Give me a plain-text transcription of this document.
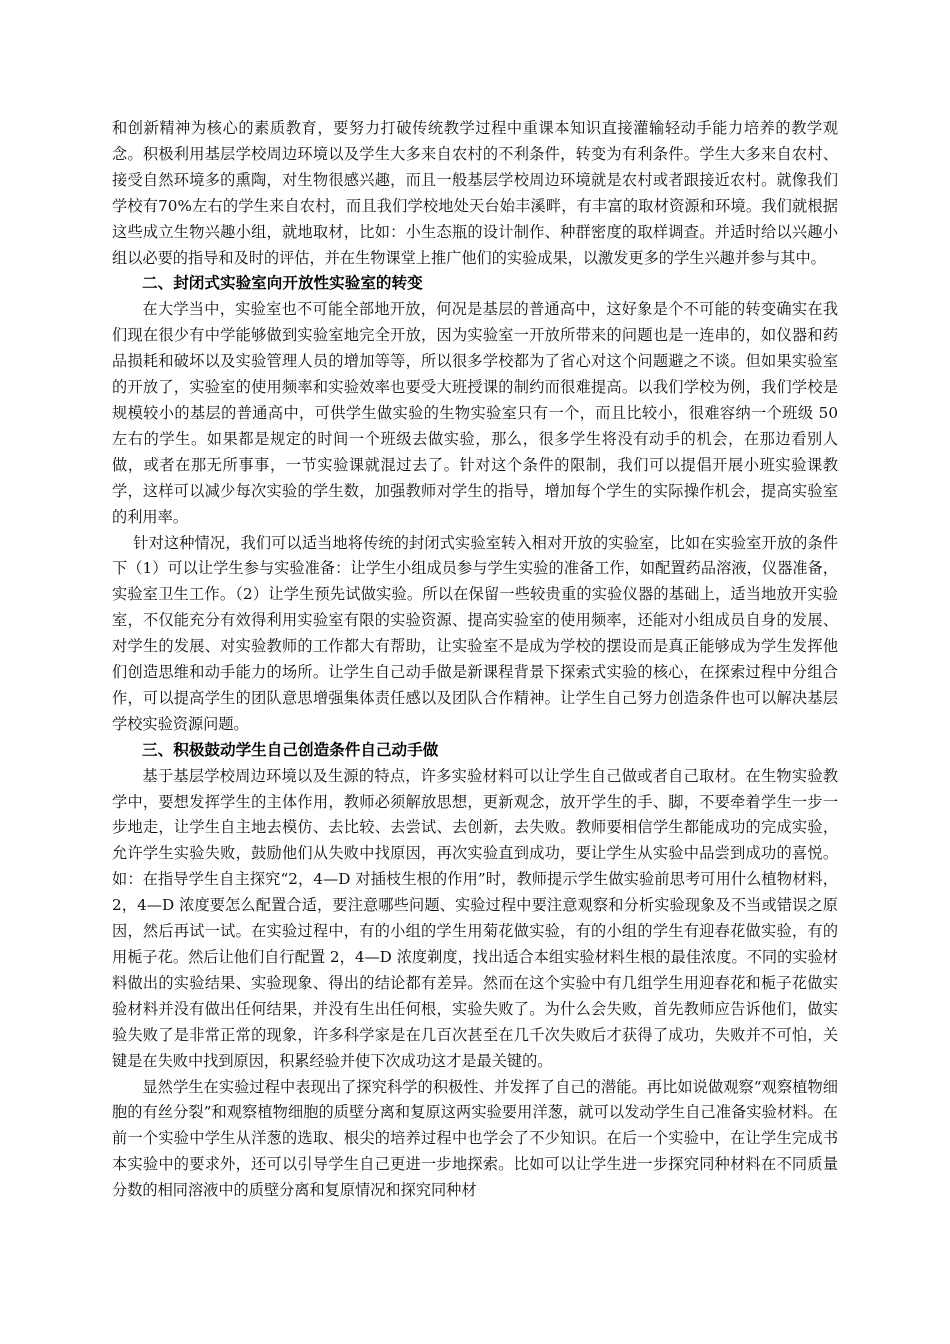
和创新精神为核心的素质教育，要努力打破传统教学过程中重课本知识直接灌输轻动手能力培养的教学观念。积极利用基层学校周边环境以及学生大多来自农村的不利条件，转变为有利条件。学生大多来自农村、接受自然环境多的熏陶，对生物很感兴趣，而且一般基层学校周边环境就是农村或者跟接近农村。就像我们学校有70%左右的学生来自农村，而且我们学校地处天台始丰溪畔，有丰富的取材资源和环境。我们就根据这些成立生物兴趣小组，就地取材，比如：小生态瓶的设计制作、种群密度的取样调查。并适时给以兴趣小组以必要的指导和及时的评估，并在生物课堂上推广他们的实验成果，以激发更多的学生兴趣并参与其中。

二、封闭式实验室向开放性实验室的转变

在大学当中，实验室也不可能全部地开放，何况是基层的普通高中，这好象是个不可能的转变确实在我们现在很少有中学能够做到实验室地完全开放，因为实验室一开放所带来的问题也是一连串的，如仪器和药品损耗和破坏以及实验管理人员的增加等等，所以很多学校都为了省心对这个问题避之不谈。但如果实验室的开放了，实验室的使用频率和实验效率也要受大班授课的制约而很难提高。以我们学校为例，我们学校是规模较小的基层的普通高中，可供学生做实验的生物实验室只有一个，而且比较小，很难容纳一个班级 50 左右的学生。如果都是规定的时间一个班级去做实验，那么，很多学生将没有动手的机会，在那边看别人做，或者在那无所事事，一节实验课就混过去了。针对这个条件的限制，我们可以提倡开展小班实验课教学，这样可以减少每次实验的学生数，加强教师对学生的指导，增加每个学生的实际操作机会，提高实验室的利用率。

针对这种情况，我们可以适当地将传统的封闭式实验室转入相对开放的实验室，比如在实验室开放的条件下（1）可以让学生参与实验准备：让学生小组成员参与学生实验的准备工作，如配置药品溶液，仪器准备，实验室卫生工作。（2）让学生预先试做实验。所以在保留一些较贵重的实验仪器的基础上，适当地放开实验室，不仅能充分有效得利用实验室有限的实验资源、提高实验室的使用频率，还能对小组成员自身的发展、对学生的发展、对实验教师的工作都大有帮助，让实验室不是成为学校的摆设而是真正能够成为学生发挥他们创造思维和动手能力的场所。让学生自己动手做是新课程背景下探索式实验的核心，在探索过程中分组合作，可以提高学生的团队意思增强集体责任感以及团队合作精神。让学生自己努力创造条件也可以解决基层学校实验资源问题。

三、积极鼓动学生自己创造条件自己动手做

基于基层学校周边环境以及生源的特点，许多实验材料可以让学生自己做或者自己取材。在生物实验教学中，要想发挥学生的主体作用，教师必须解放思想，更新观念，放开学生的手、脚，不要牵着学生一步一步地走，让学生自主地去模仿、去比较、去尝试、去创新，去失败。教师要相信学生都能成功的完成实验，允许学生实验失败，鼓励他们从失败中找原因，再次实验直到成功，要让学生从实验中品尝到成功的喜悦。如：在指导学生自主探究“2，4—D 对插枝生根的作用”时，教师提示学生做实验前思考可用什么植物材料，2，4—D 浓度要怎么配置合适，要注意哪些问题、实验过程中要注意观察和分析实验现象及不当或错误之原因，然后再试一试。在实验过程中，有的小组的学生用菊花做实验，有的小组的学生有迎春花做实验，有的用栀子花。然后让他们自行配置 2，4—D 浓度剃度，找出适合本组实验材料生根的最佳浓度。不同的实验材料做出的实验结果、实验现象、得出的结论都有差异。然而在这个实验中有几组学生用迎春花和栀子花做实验材料并没有做出任何结果，并没有生出任何根，实验失败了。为什么会失败，首先教师应告诉他们，做实验失败了是非常正常的现象，许多科学家是在几百次甚至在几千次失败后才获得了成功，失败并不可怕，关键是在失败中找到原因，积累经验并使下次成功这才是最关键的。

显然学生在实验过程中表现出了探究科学的积极性、并发挥了自己的潜能。再比如说做观察“观察植物细胞的有丝分裂”和观察植物细胞的质壁分离和复原这两实验要用洋葱，就可以发动学生自己准备实验材料。在前一个实验中学生从洋葱的选取、根尖的培养过程中也学会了不少知识。在后一个实验中，在让学生完成书本实验中的要求外，还可以引导学生自己更进一步地探索。比如可以让学生进一步探究同种材料在不同质量分数的相同溶液中的质壁分离和复原情况和探究同种材
